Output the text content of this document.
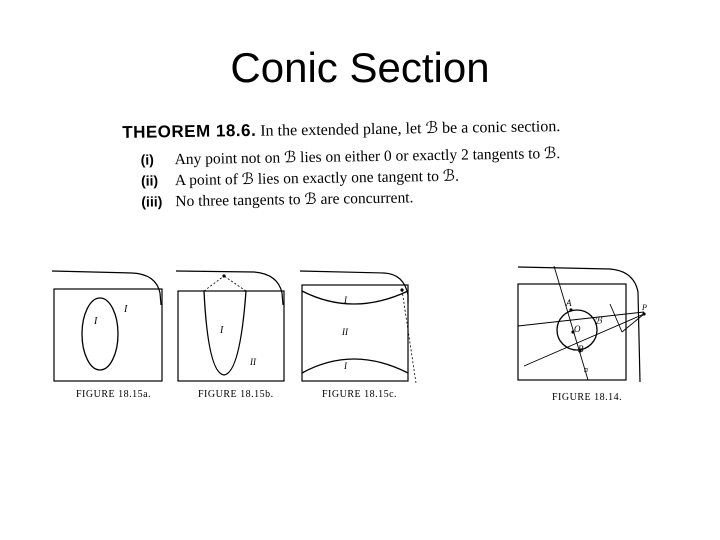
Conic Section
THEOREM 18.6. In the extended plane, let ℬ be a conic section.
(i) Any point not on ℬ lies on either 0 or exactly 2 tangents to ℬ.
(ii) A point of ℬ lies on exactly one tangent to ℬ.
(iii) No three tangents to ℬ are concurrent.
I
I
FIGURE 18.15a.
I
II
FIGURE 18.15b.
I
II
I
FIGURE 18.15c.
A
O
B
ℬ
P
n
FIGURE 18.14.
